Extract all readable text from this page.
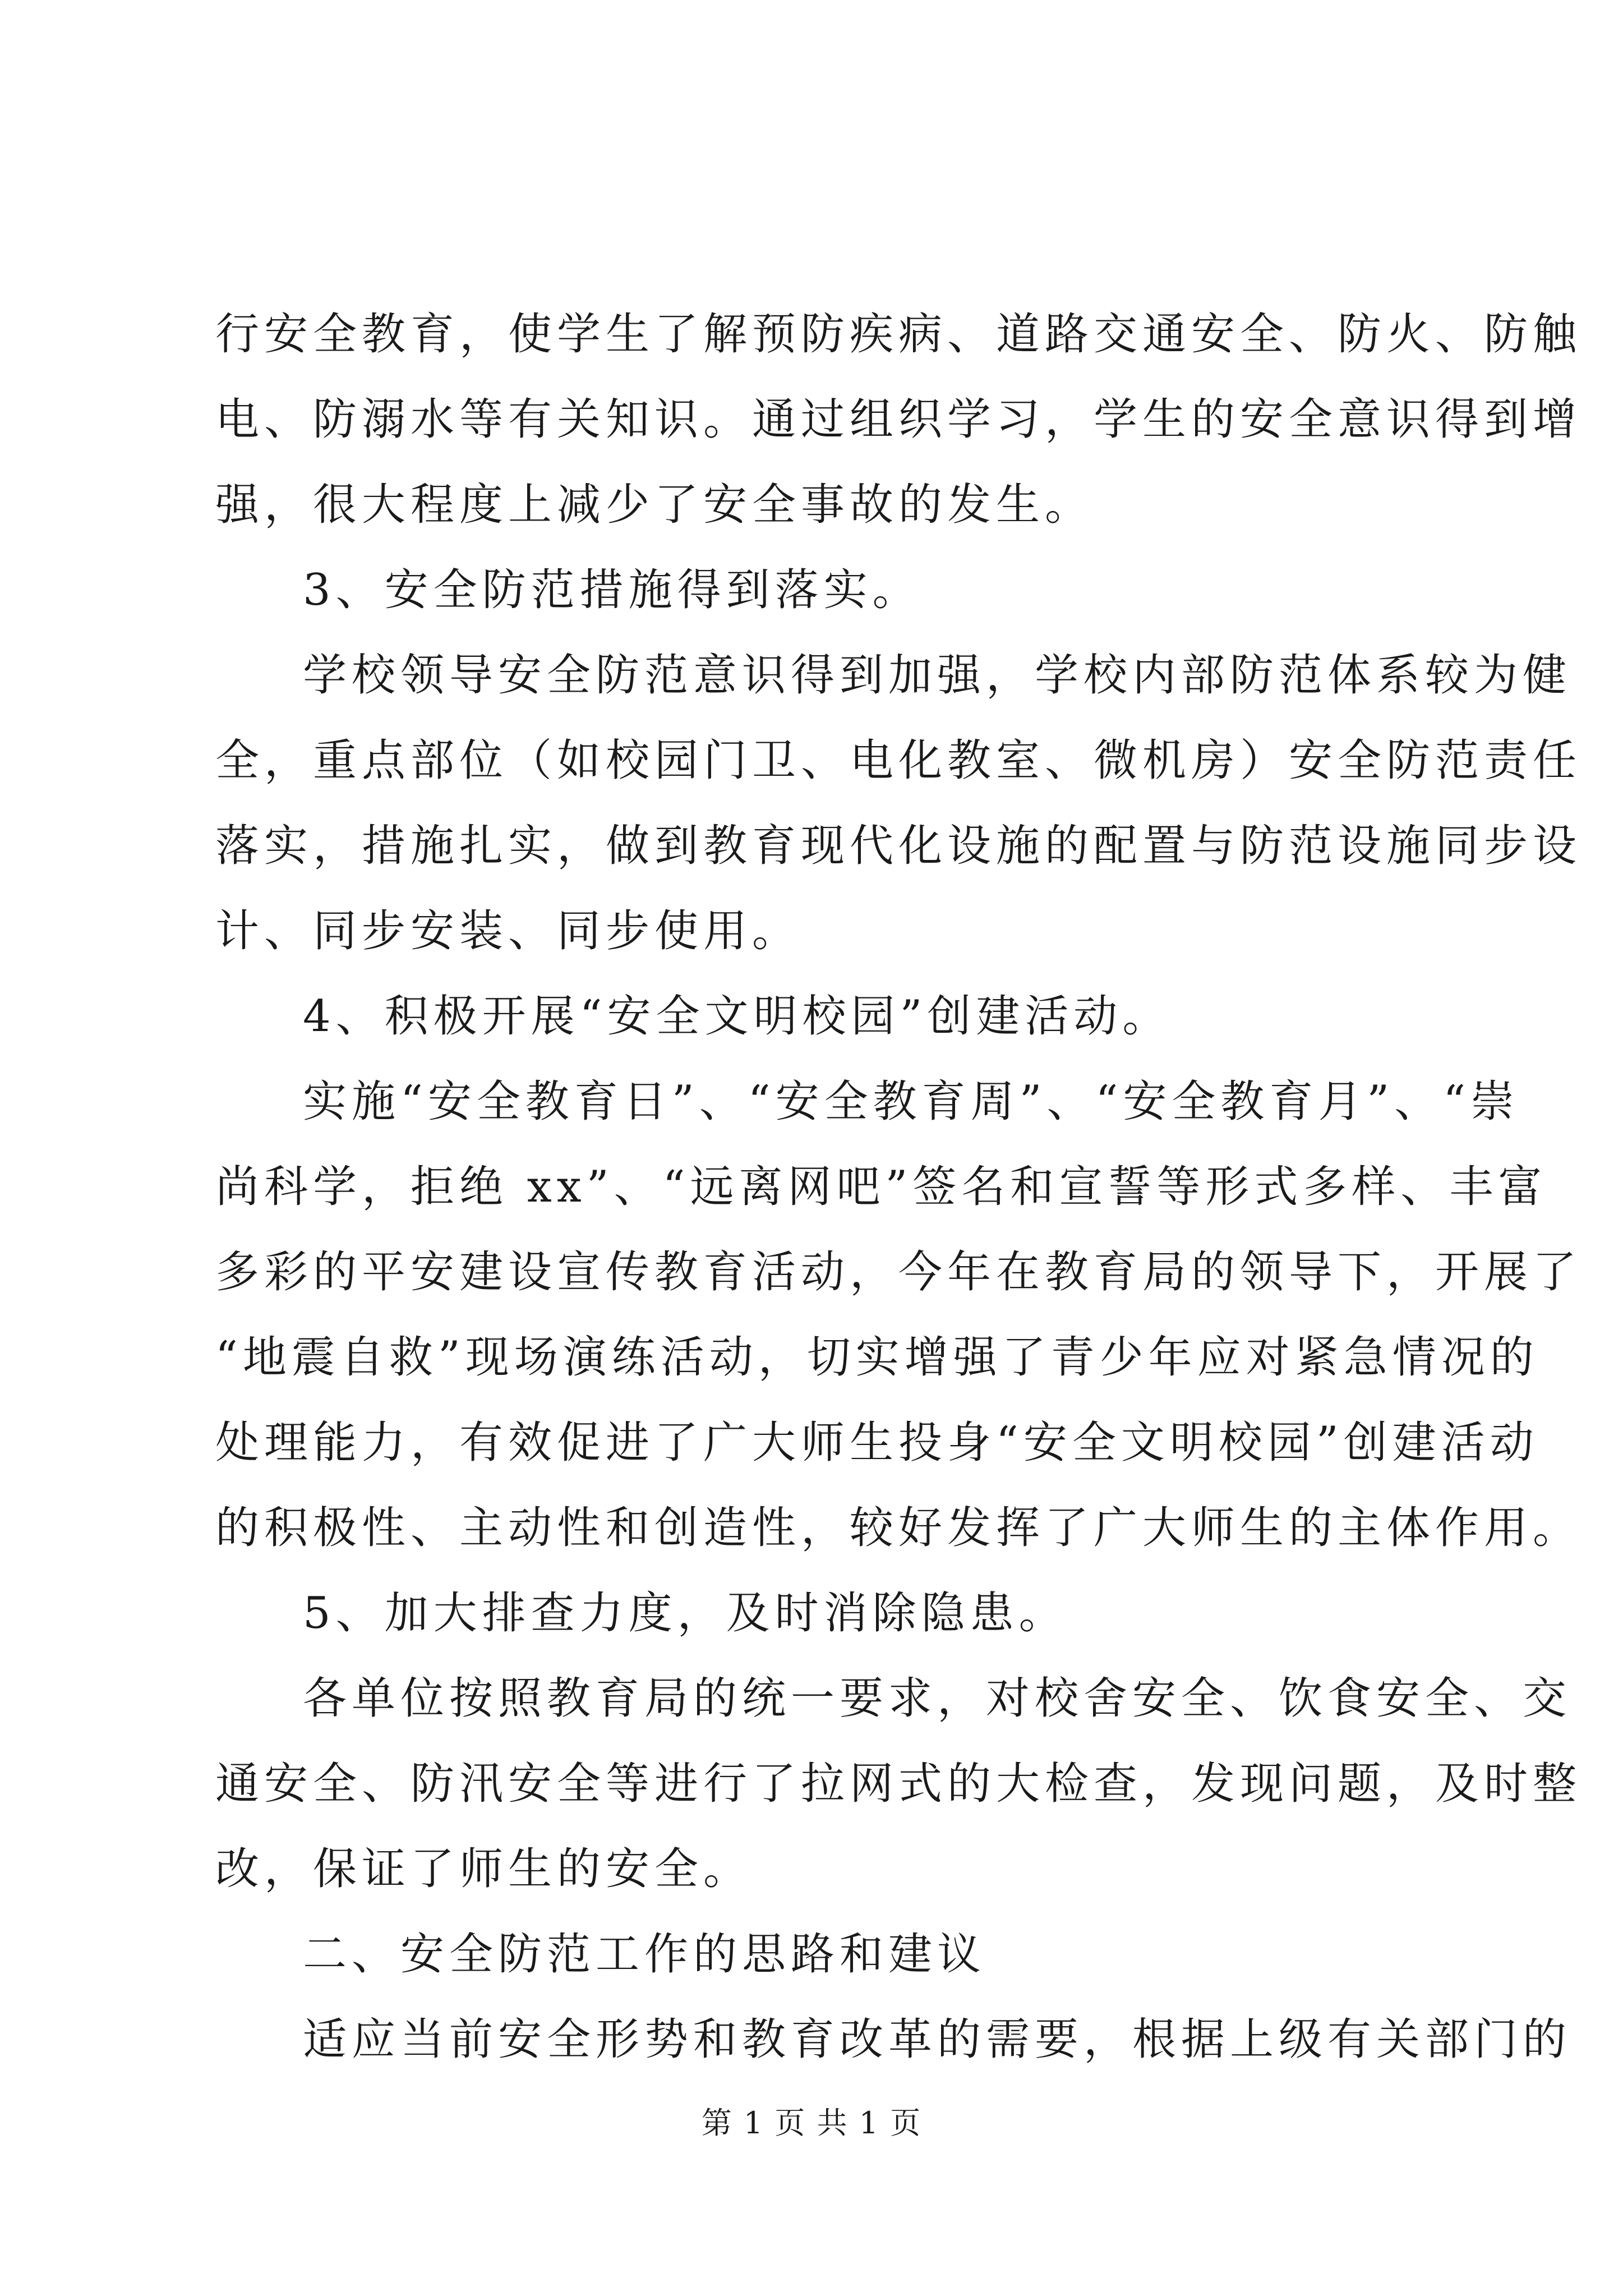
行安全教育，使学生了解预防疾病、道路交通安全、防火、防触
电、防溺水等有关知识。通过组织学习，学生的安全意识得到增
强，很大程度上减少了安全事故的发生。
3、安全防范措施得到落实。
学校领导安全防范意识得到加强，学校内部防范体系较为健
全，重点部位（如校园门卫、电化教室、微机房）安全防范责任
落实，措施扎实，做到教育现代化设施的配置与防范设施同步设
计、同步安装、同步使用。
4、积极开展“安全文明校园”创建活动。
实施“安全教育日”、“安全教育周”、“安全教育月”、“崇
尚科学，拒绝 xx”、“远离网吧”签名和宣誓等形式多样、丰富
多彩的平安建设宣传教育活动，今年在教育局的领导下，开展了
“地震自救”现场演练活动，切实增强了青少年应对紧急情况的
处理能力，有效促进了广大师生投身“安全文明校园”创建活动
的积极性、主动性和创造性，较好发挥了广大师生的主体作用。
5、加大排查力度，及时消除隐患。
各单位按照教育局的统一要求，对校舍安全、饮食安全、交
通安全、防汛安全等进行了拉网式的大检查，发现问题，及时整
改，保证了师生的安全。
二、安全防范工作的思路和建议
适应当前安全形势和教育改革的需要，根据上级有关部门的
第 1 页 共 1 页
